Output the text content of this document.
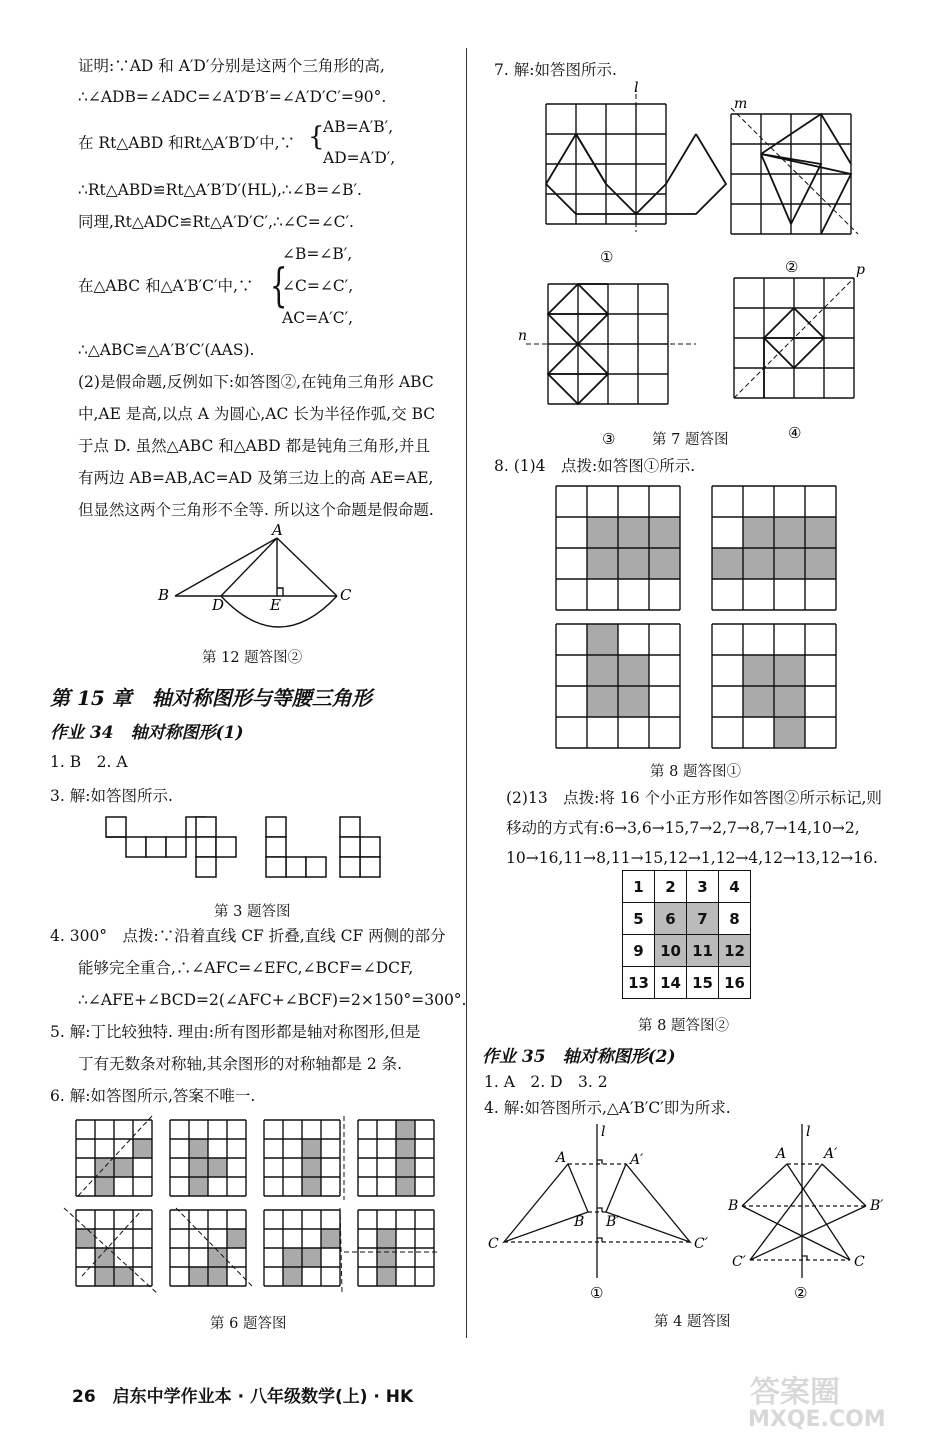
证明:∵AD 和 A′D′分别是这两个三角形的高,
∴∠ADB=∠ADC=∠A′D′B′=∠A′D′C′=90°.
在 Rt△ABD 和Rt△A′B′D′中,∵ {
AB=A′B′,
AD=A′D′,
∴Rt△ABD≌Rt△A′B′D′(HL),∴∠B=∠B′.
同理,Rt△ADC≌Rt△A′D′C′,∴∠C=∠C′.
∠B=∠B′,
在△ABC 和△A′B′C′中,∵ {
∠C=∠C′,
AC=A′C′,
∴△ABC≌△A′B′C′(AAS).
(2)是假命题,反例如下:如答图②,在钝角三角形 ABC
中,AE 是高,以点 A 为圆心,AC 长为半径作弧,交 BC
于点 D. 虽然△ABC 和△ABD 都是钝角三角形,并且
有两边 AB=AB,AC=AD 及第三边上的高 AE=AE,
但显然这两个三角形不全等. 所以这个命题是假命题.
B
A
C
D	E
第 12 题答图②
第 15 章　轴对称图形与等腰三角形
作业 34　轴对称图形(1)
1. B　2. A
3. 解:如答图所示.
第 3 题答图
4. 300°　点拨:∵沿着直线 CF 折叠,直线 CF 两侧的部分
能够完全重合,∴∠AFC=∠EFC,∠BCF=∠DCF,
∴∠AFE+∠BCD=2(∠AFC+∠BCF)=2×150°=300°.
5. 解:丁比较独特. 理由:所有图形都是轴对称图形,但是
丁有无数条对称轴,其余图形的对称轴都是 2 条.
6. 解:如答图所示,答案不唯一.
第 6 题答图
7. 解:如答图所示.
①
②
③	④
l
m
n
p
第 7 题答图
8. (1)4　点拨:如答图①所示.
第 8 题答图①
(2)13　点拨:将 16 个小正方形作如答图②所示标记,则
移动的方式有:6→3,6→15,7→2,7→8,7→14,10→2,
10→16,11→8,11→15,12→1,12→4,12→13,12→16.
1	2	3	4
5	6	7	8
9	10	11	12
13	14	15	16
第 8 题答图②
作业 35　轴对称图形(2)
1. A　2. D　3. 2
4. 解:如答图所示,△A′B′C′即为所求.
l
A	A′
B B′
C	C′
l
A	A′
B	B′
C′	C
①	②
第 4 题答图
26　启东中学作业本 · 八年级数学(上) · HK	答案圈
MXQE.COM
